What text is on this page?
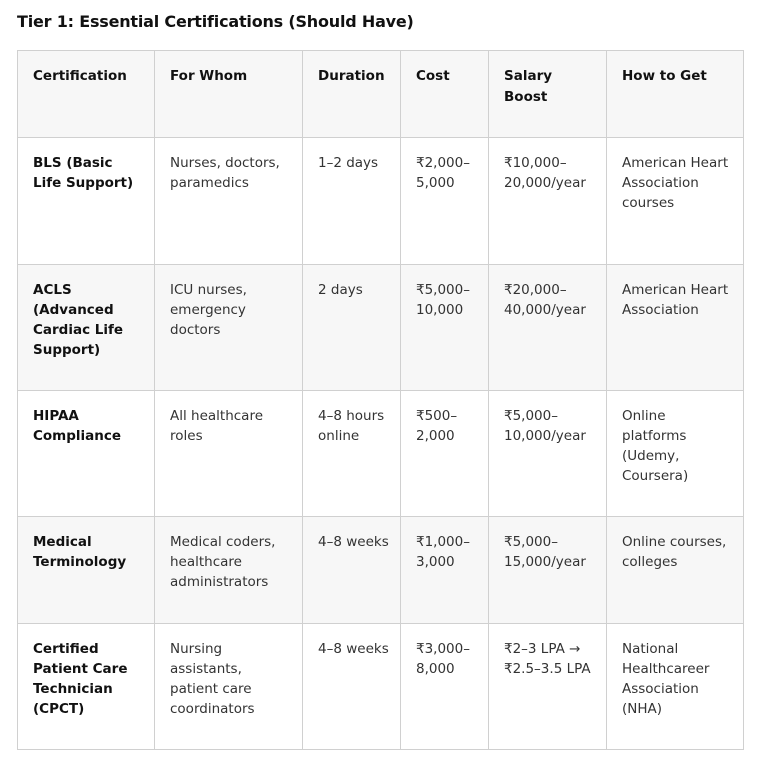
Tier 1: Essential Certifications (Should Have)
Certification	For Whom	Duration	Cost	Salary Boost	How to Get
BLS (Basic Life Support)	Nurses, doctors, paramedics	1–2 days	₹2,000–5,000	₹10,000–20,000/year	American Heart Association courses
ACLS (Advanced Cardiac Life Support)	ICU nurses, emergency doctors	2 days	₹5,000–10,000	₹20,000–40,000/year	American Heart Association
HIPAA Compliance	All healthcare roles	4–8 hours online	₹500–2,000	₹5,000–10,000/year	Online platforms (Udemy, Coursera)
Medical Terminology	Medical coders, healthcare administrators	4–8 weeks	₹1,000–3,000	₹5,000–15,000/year	Online courses, colleges
Certified Patient Care Technician (CPCT)	Nursing assistants, patient care coordinators	4–8 weeks	₹3,000–8,000	₹2–3 LPA → ₹2.5–3.5 LPA	National Healthcareer Association (NHA)
